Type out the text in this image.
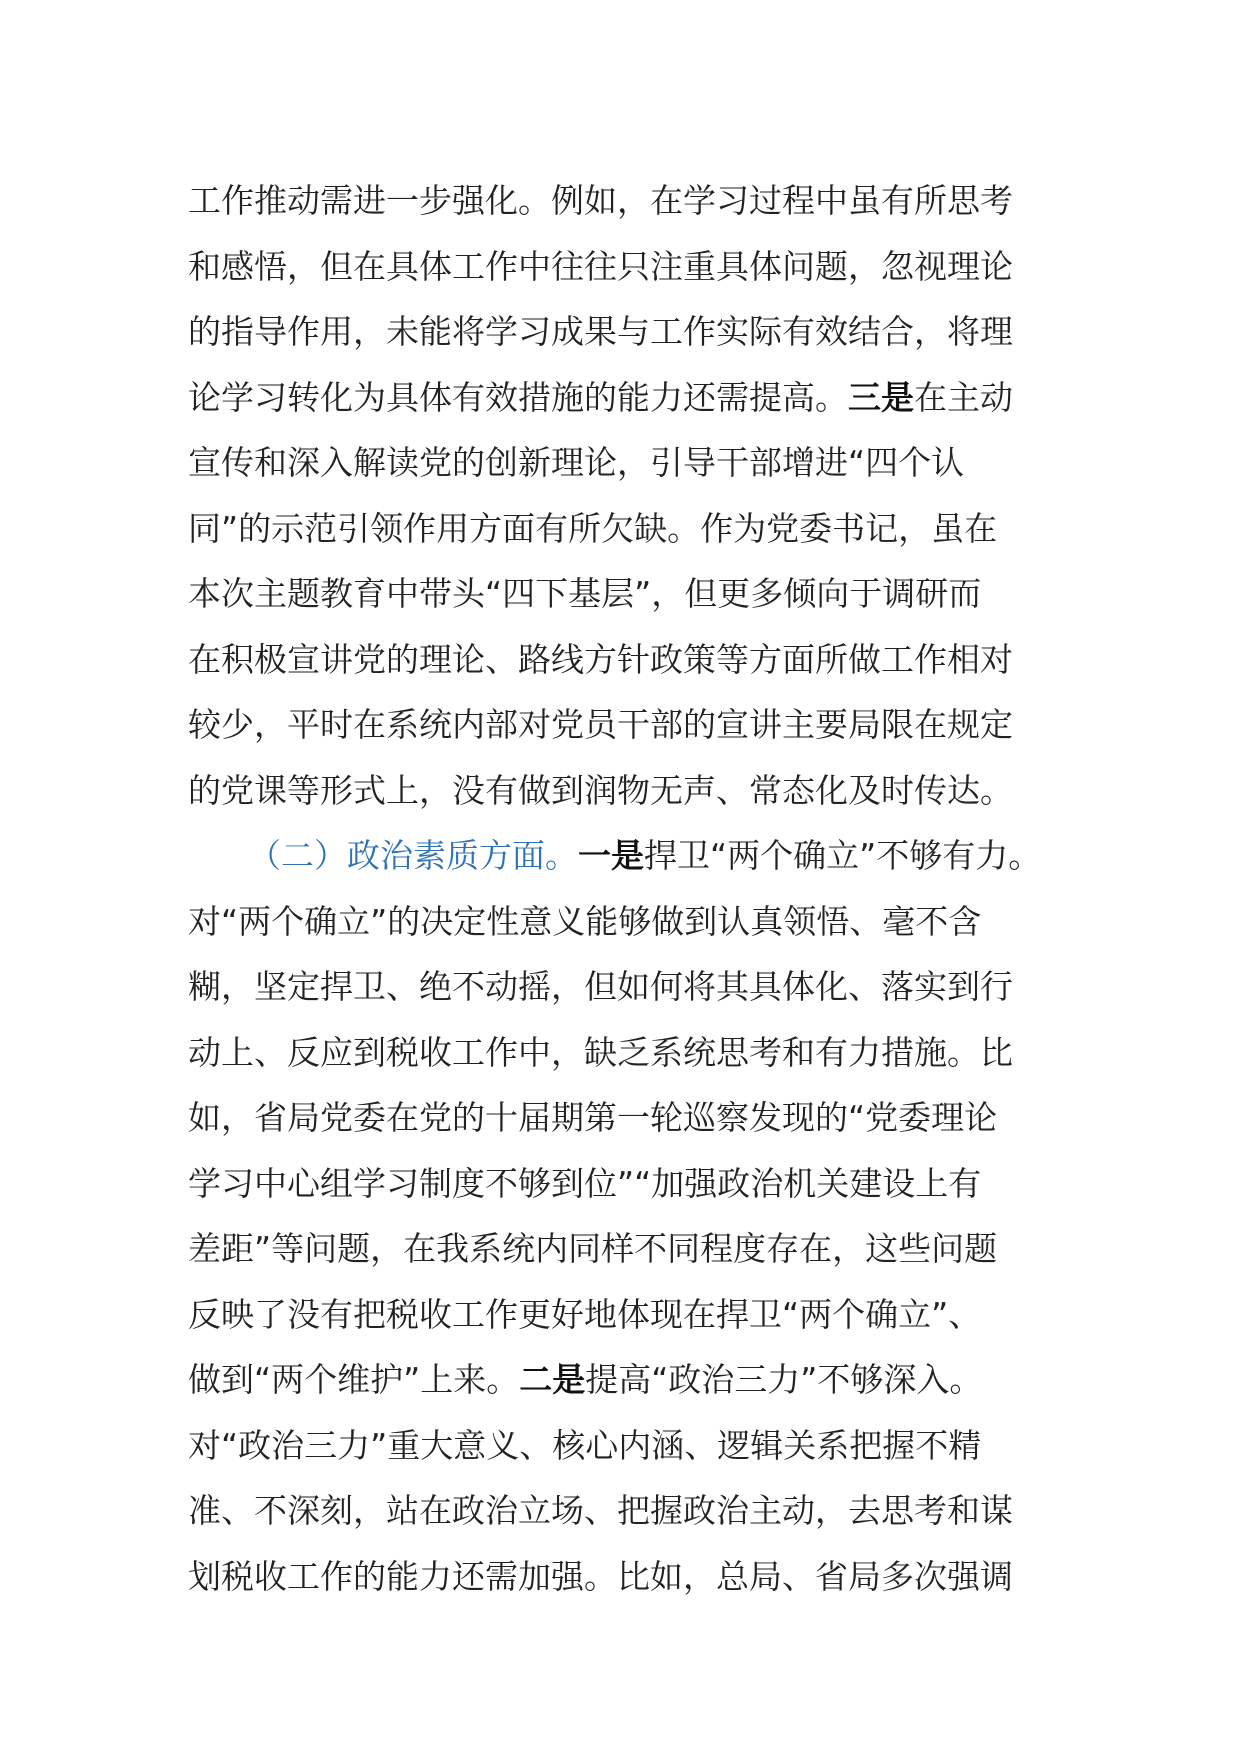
工作推动需进一步强化。例如，在学习过程中虽有所思考
和感悟，但在具体工作中往往只注重具体问题，忽视理论
的指导作用，未能将学习成果与工作实际有效结合，将理
论学习转化为具体有效措施的能力还需提高。三是在主动
宣传和深入解读党的创新理论，引导干部增进“四个认
同”的示范引领作用方面有所欠缺。作为党委书记，虽在
本次主题教育中带头“四下基层”，但更多倾向于调研而
在积极宣讲党的理论、路线方针政策等方面所做工作相对
较少，平时在系统内部对党员干部的宣讲主要局限在规定
的党课等形式上，没有做到润物无声、常态化及时传达。
（二）政治素质方面。一是捍卫“两个确立”不够有力。
对“两个确立”的决定性意义能够做到认真领悟、毫不含
糊，坚定捍卫、绝不动摇，但如何将其具体化、落实到行
动上、反应到税收工作中，缺乏系统思考和有力措施。比
如，省局党委在党的十届期第一轮巡察发现的“党委理论
学习中心组学习制度不够到位”“加强政治机关建设上有
差距”等问题，在我系统内同样不同程度存在，这些问题
反映了没有把税收工作更好地体现在捍卫“两个确立”、
做到“两个维护”上来。二是提高“政治三力”不够深入。
对“政治三力”重大意义、核心内涵、逻辑关系把握不精
准、不深刻，站在政治立场、把握政治主动，去思考和谋
划税收工作的能力还需加强。比如，总局、省局多次强调
